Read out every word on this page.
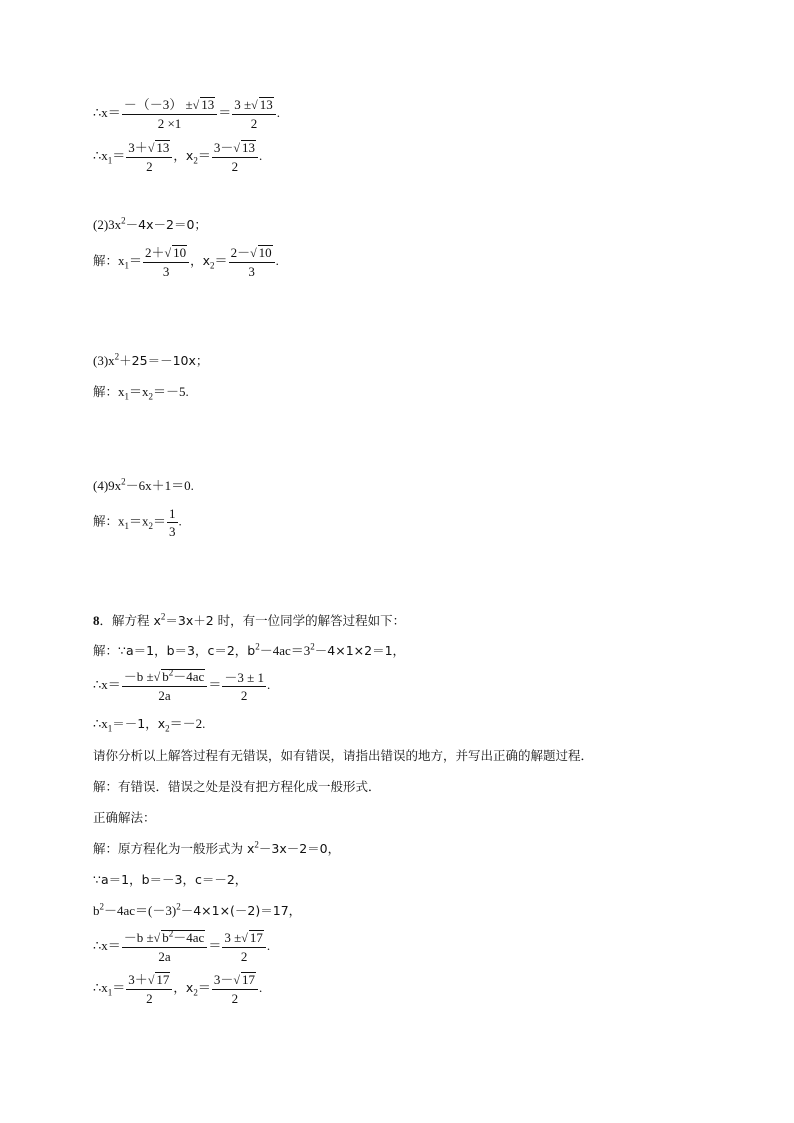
∴x＝ $\frac{-(-3) \pm√ 13}{2 \times 1} = \frac{3 \pm√ 13}{2}$ .
$\therefore x_1= \frac{3+√ 13}{2}$ ，$x_2= \frac{3-√ 13}{2}$ .
$(2)3x^2-4x-2=0$；
解：$x_1= \frac{2+√ 10}{3}$ ，$x_2= \frac{2-√ 10}{3}$ .
$(3)x^2+25=-10x$；
解：$x_1=x_2=-5$.
$(4)9x^2-6x+1=0$.
解：$x_1=x_2= \frac{1}{3}$ .
8．解方程 $x^2=3x+2$ 时，有一位同学的解答过程如下：
解：∵a＝1，b＝3，c＝2，$b^2-4ac=3^2-4\times 1\times 2=1$，
∴x＝ $\frac{-b \pm√ b^2-4ac}{2a} = \frac{-3 \pm 1}{2}$ .
$\therefore x_1=-1$，$x_2=-2$.
请你分析以上解答过程有无错误，如有错误，请指出错误的地方，并写出正确的解题过程．
解：有错误．错误之处是没有把方程化成一般形式．
正确解法：
解：原方程化为一般形式为 $x^2-3x-2=0$，
∵a＝1，b＝－3，c＝－2，
$b^2-4ac=(-3)^2-4\times 1\times(-2)=17$，
∴x＝ $\frac{-b \pm√ b^2-4ac}{2a} = \frac{3 \pm√ 17}{2}$ .
$\therefore x_1= \frac{3+√ 17}{2}$ ，$x_2= \frac{3-√ 17}{2}$ .
